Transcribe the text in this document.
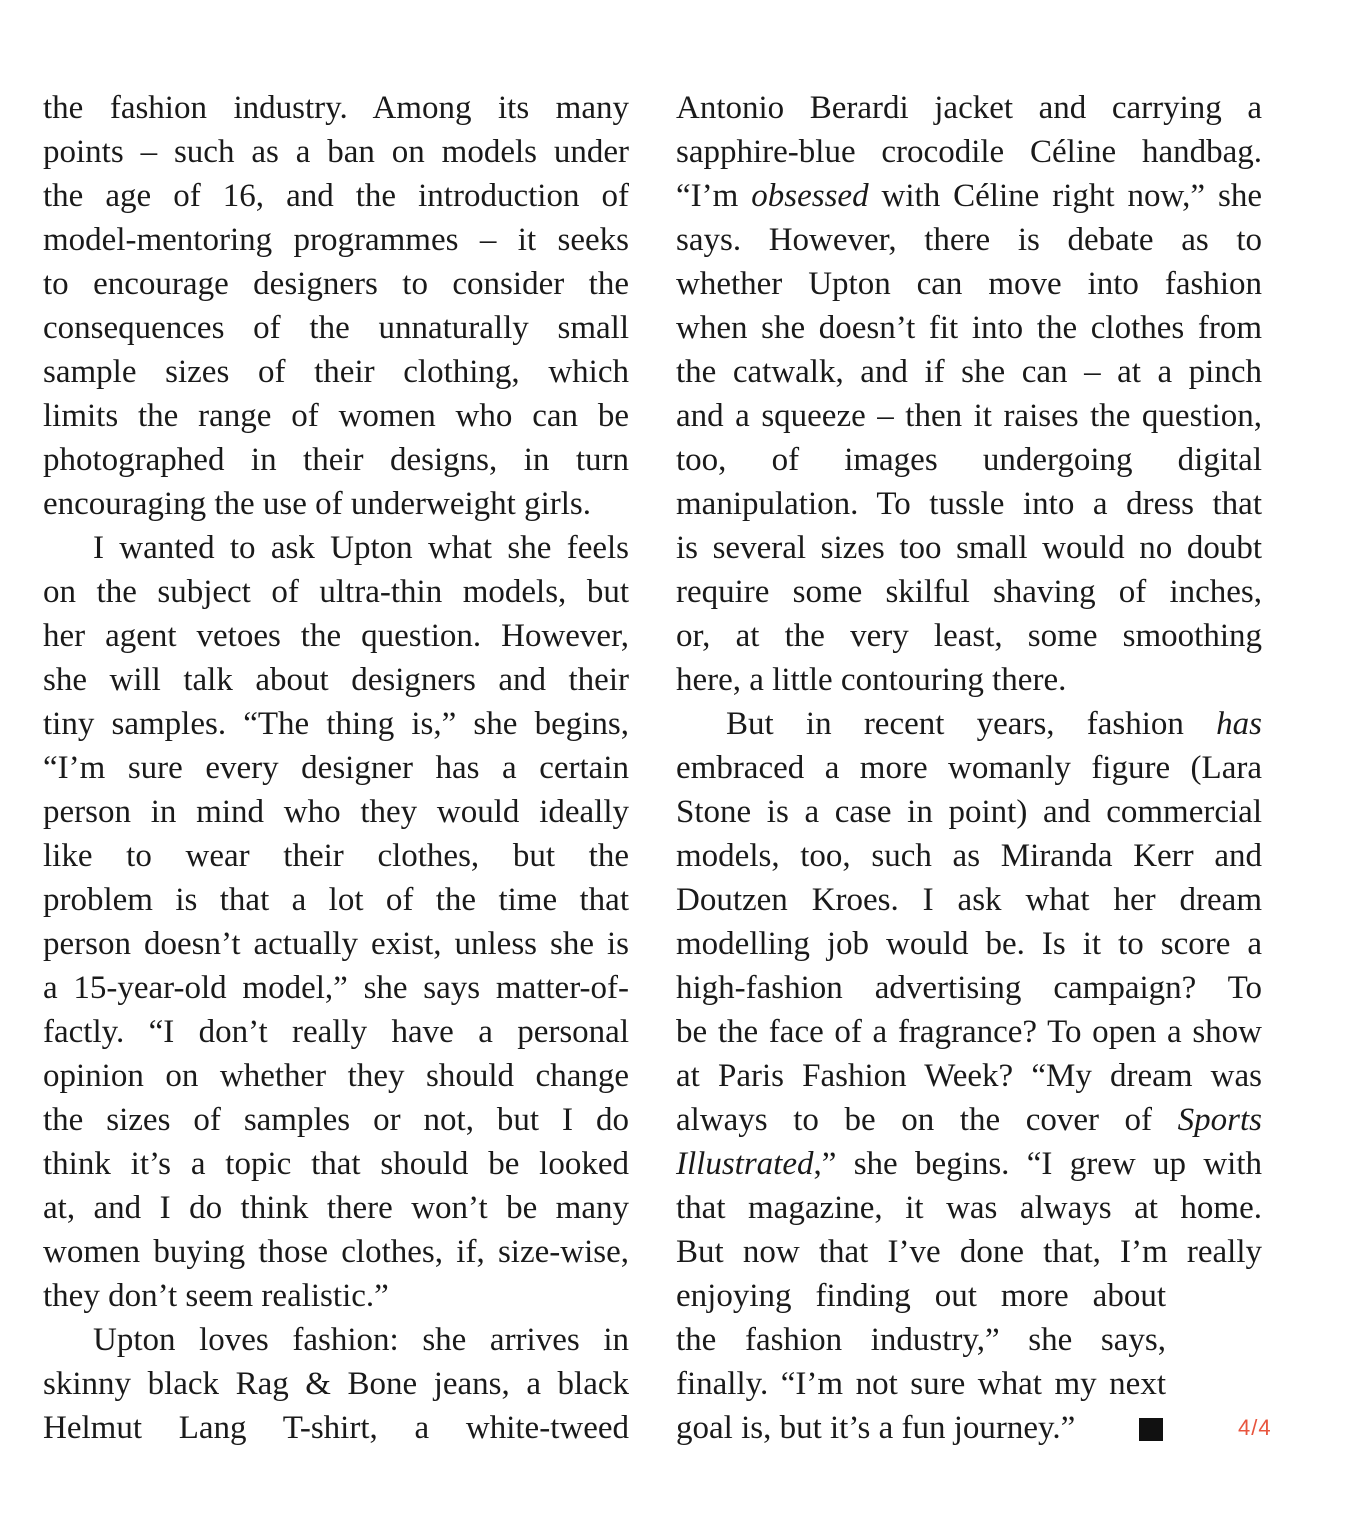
the fashion industry. Among its many
points – such as a ban on models under
the age of 16, and the introduction of
model-mentoring programmes – it seeks
to encourage designers to consider the
consequences of the unnaturally small
sample sizes of their clothing, which
limits the range of women who can be
photographed in their designs, in turn
encouraging the use of underweight girls.
I wanted to ask Upton what she feels
on the subject of ultra-thin models, but
her agent vetoes the question. However,
she will talk about designers and their
tiny samples. “The thing is,” she begins,
“I’m sure every designer has a certain
person in mind who they would ideally
like to wear their clothes, but the
problem is that a lot of the time that
person doesn’t actually exist, unless she is
a 15-year-old model,” she says matter-of-
factly. “I don’t really have a personal
opinion on whether they should change
the sizes of samples or not, but I do
think it’s a topic that should be looked
at, and I do think there won’t be many
women buying those clothes, if, size-wise,
they don’t seem realistic.”
Upton loves fashion: she arrives in
skinny black Rag & Bone jeans, a black
Helmut Lang T-shirt, a white-tweed
Antonio Berardi jacket and carrying a
sapphire-blue crocodile Céline handbag.
“I’m obsessed with Céline right now,” she
says. However, there is debate as to
whether Upton can move into fashion
when she doesn’t fit into the clothes from
the catwalk, and if she can – at a pinch
and a squeeze – then it raises the question,
too, of images undergoing digital
manipulation. To tussle into a dress that
is several sizes too small would no doubt
require some skilful shaving of inches,
or, at the very least, some smoothing
here, a little contouring there.
But in recent years, fashion has
embraced a more womanly figure (Lara
Stone is a case in point) and commercial
models, too, such as Miranda Kerr and
Doutzen Kroes. I ask what her dream
modelling job would be. Is it to score a
high-fashion advertising campaign? To
be the face of a fragrance? To open a show
at Paris Fashion Week? “My dream was
always to be on the cover of Sports
Illustrated,” she begins. “I grew up with
that magazine, it was always at home.
But now that I’ve done that, I’m really
enjoying finding out more about
the fashion industry,” she says,
finally. “I’m not sure what my next
goal is, but it’s a fun journey.”	4/4
